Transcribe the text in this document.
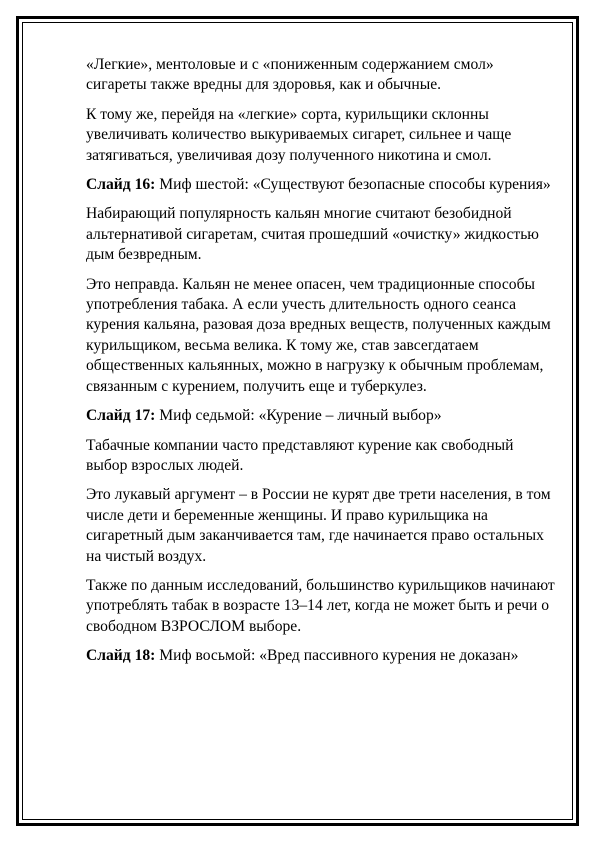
«Легкие», ментоловые и с «пониженным содержанием смол» сигареты также вредны для здоровья, как и обычные.

К тому же, перейдя на «легкие» сорта, курильщики склонны увеличивать количество выкуриваемых сигарет, сильнее и чаще затягиваться, увеличивая дозу полученного никотина и смол.

Слайд 16: Миф шестой: «Существуют безопасные способы курения»

Набирающий популярность кальян многие считают безобидной альтернативой сигаретам, считая прошедший «очистку» жидкостью дым безвредным.

Это неправда. Кальян не менее опасен, чем традиционные способы употребления табака. А если учесть длительность одного сеанса курения кальяна, разовая доза вредных веществ, полученных каждым курильщиком, весьма велика. К тому же, став завсегдатаем общественных кальянных, можно в нагрузку к обычным проблемам, связанным с курением, получить еще и туберкулез.

Слайд 17: Миф седьмой: «Курение – личный выбор»

Табачные компании часто представляют курение как свободный выбор взрослых людей.

Это лукавый аргумент – в России не курят две трети населения, в том числе дети и беременные женщины. И право курильщика на сигаретный дым заканчивается там, где начинается право остальных на чистый воздух.

Также по данным исследований, большинство курильщиков начинают употреблять табак в возрасте 13–14 лет, когда не может быть и речи о свободном ВЗРОСЛОМ выборе.

Слайд 18: Миф восьмой: «Вред пассивного курения не доказан»
